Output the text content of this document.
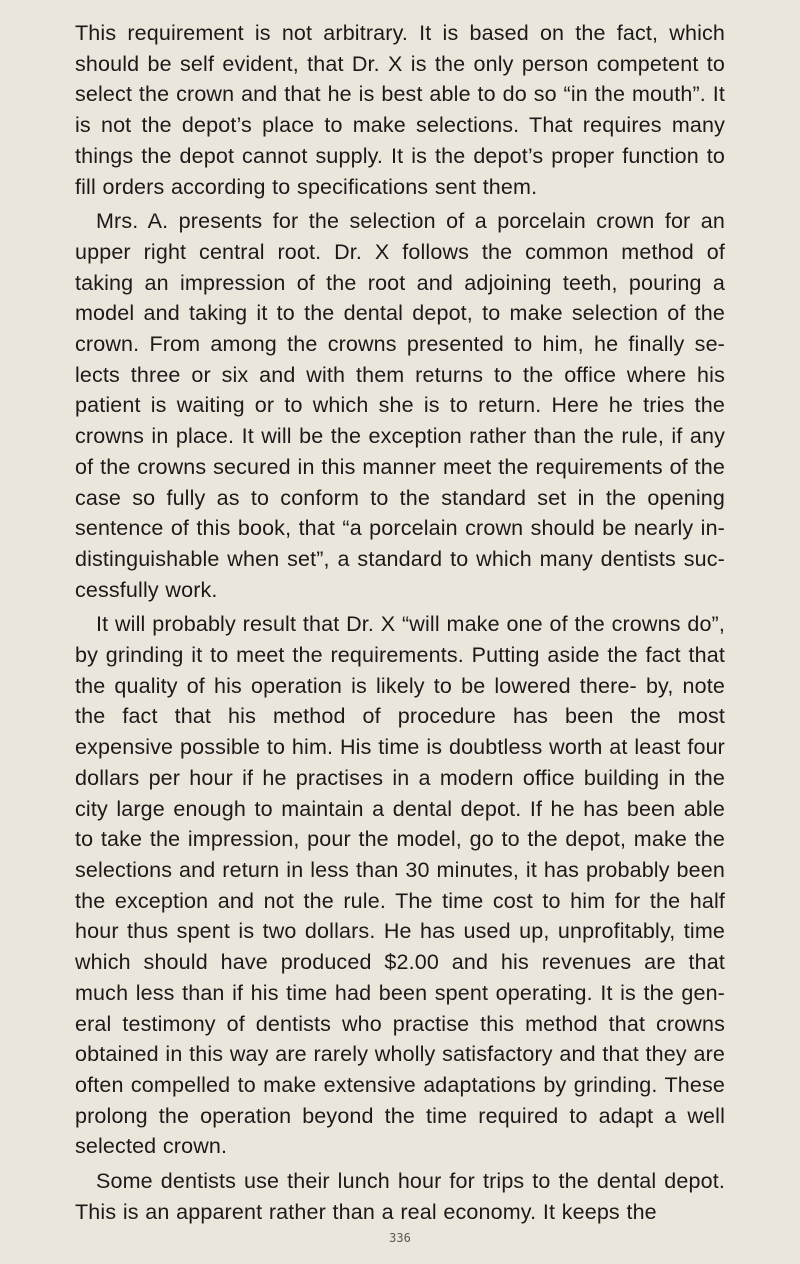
This requirement is not arbitrary. It is based on the fact, which should be self evident, that Dr. X is the only person competent to select the crown and that he is best able to do so “in the mouth”. It is not the depot’s place to make selections. That requires many things the depot cannot supply. It is the depot’s proper function to fill orders according to specifications sent them.

Mrs. A. presents for the selection of a porcelain crown for an upper right central root. Dr. X follows the common method of taking an impression of the root and adjoining teeth, pouring a model and taking it to the dental depot, to make selection of the crown. From among the crowns presented to him, he finally se- lects three or six and with them returns to the office where his patient is waiting or to which she is to return. Here he tries the crowns in place. It will be the exception rather than the rule, if any of the crowns secured in this manner meet the requirements of the case so fully as to conform to the standard set in the opening sentence of this book, that “a porcelain crown should be nearly in- distinguishable when set”, a standard to which many dentists suc- cessfully work.

It will probably result that Dr. X “will make one of the crowns do”, by grinding it to meet the requirements. Putting aside the fact that the quality of his operation is likely to be lowered there- by, note the fact that his method of procedure has been the most expensive possible to him. His time is doubtless worth at least four dollars per hour if he practises in a modern office building in the city large enough to maintain a dental depot. If he has been able to take the impression, pour the model, go to the depot, make the selections and return in less than 30 minutes, it has probably been the exception and not the rule. The time cost to him for the half hour thus spent is two dollars. He has used up, unprofitably, time which should have produced $2.00 and his revenues are that much less than if his time had been spent operating. It is the gen- eral testimony of dentists who practise this method that crowns obtained in this way are rarely wholly satisfactory and that they are often compelled to make extensive adaptations by grinding. These prolong the operation beyond the time required to adapt a well selected crown.

Some dentists use their lunch hour for trips to the dental depot. This is an apparent rather than a real economy. It keeps the

336
